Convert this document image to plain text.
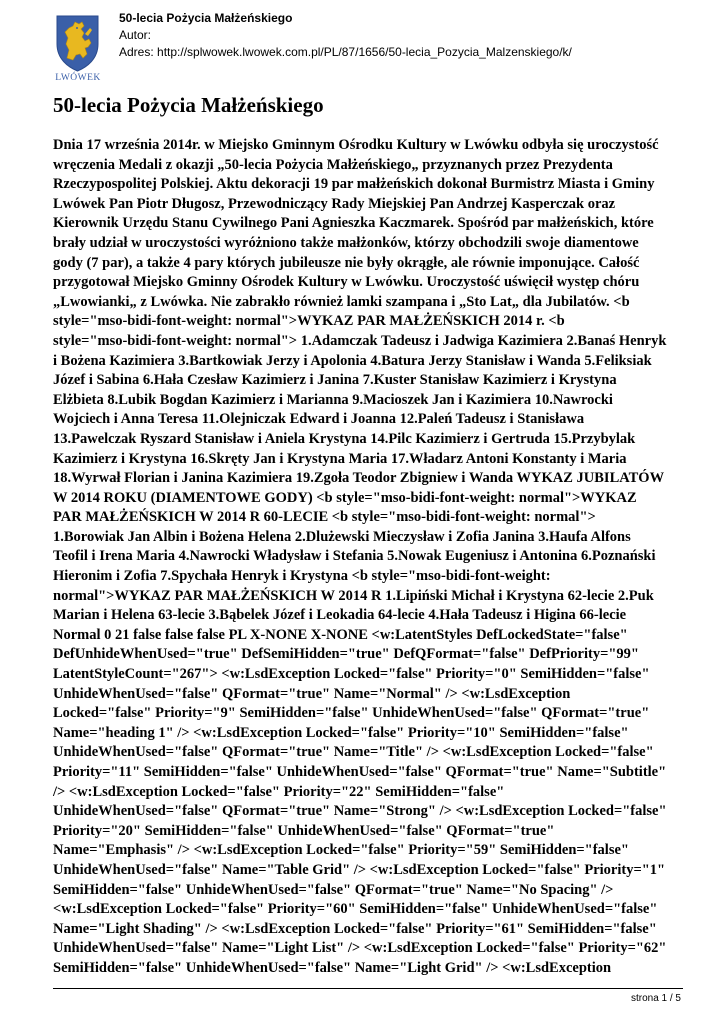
LWÓWEK
50-lecia Pożycia Małżeńskiego
Autor:
Adres: http://splwowek.lwowek.com.pl/PL/87/1656/50-lecia_Pozycia_Malzenskiego/k/
50-lecia Pożycia Małżeńskiego
Dnia 17 września 2014r. w Miejsko Gminnym Ośrodku Kultury w Lwówku odbyła się uroczystość
wręczenia Medali z okazji „50-lecia Pożycia Małżeńskiego„ przyznanych przez Prezydenta
Rzeczypospolitej Polskiej. Aktu dekoracji 19 par małżeńskich dokonał Burmistrz Miasta i Gminy
Lwówek Pan Piotr Długosz, Przewodniczący Rady Miejskiej Pan Andrzej Kasperczak oraz
Kierownik Urzędu Stanu Cywilnego Pani Agnieszka Kaczmarek. Spośród par małżeńskich, które
brały udział w uroczystości wyróżniono także małżonków, którzy obchodzili swoje diamentowe
gody (7 par), a także 4 pary których jubileusze nie były okrągłe, ale równie imponujące. Całość
przygotował Miejsko Gminny Ośrodek Kultury w Lwówku. Uroczystość uświęcił występ chóru
„Lwowianki„ z Lwówka. Nie zabrakło również lamki szampana i „Sto Lat„ dla Jubilatów. <b
style="mso-bidi-font-weight: normal">WYKAZ PAR MAŁŻEŃSKICH 2014 r. <b
style="mso-bidi-font-weight: normal"> 1.Adamczak Tadeusz i Jadwiga Kazimiera 2.Banaś Henryk
i Bożena Kazimiera 3.Bartkowiak Jerzy i Apolonia 4.Batura Jerzy Stanisław i Wanda 5.Feliksiak
Józef i Sabina 6.Hała Czesław Kazimierz i Janina 7.Kuster Stanisław Kazimierz i Krystyna
Elżbieta 8.Lubik Bogdan Kazimierz i Marianna 9.Macioszek Jan i Kazimiera 10.Nawrocki
Wojciech i Anna Teresa 11.Olejniczak Edward i Joanna 12.Paleń Tadeusz i Stanisława
13.Pawelczak Ryszard Stanisław i Aniela Krystyna 14.Pilc Kazimierz i Gertruda 15.Przybylak
Kazimierz i Krystyna 16.Skręty Jan i Krystyna Maria 17.Władarz Antoni Konstanty i Maria
18.Wyrwał Florian i Janina Kazimiera 19.Zgoła Teodor Zbigniew i Wanda WYKAZ JUBILATÓW
W 2014 ROKU (DIAMENTOWE GODY) <b style="mso-bidi-font-weight: normal">WYKAZ
PAR MAŁŻEŃSKICH W 2014 R 60-LECIE <b style="mso-bidi-font-weight: normal">
1.Borowiak Jan Albin i Bożena Helena 2.Dlużewski Mieczysław i Zofia Janina 3.Haufa Alfons
Teofil i Irena Maria 4.Nawrocki Władysław i Stefania 5.Nowak Eugeniusz i Antonina 6.Poznański
Hieronim i Zofia 7.Spychała Henryk i Krystyna <b style="mso-bidi-font-weight:
normal">WYKAZ PAR MAŁŻEŃSKICH W 2014 R 1.Lipiński Michał i Krystyna 62-lecie 2.Puk
Marian i Helena 63-lecie 3.Bąbelek Józef i Leokadia 64-lecie 4.Hała Tadeusz i Higina 66-lecie
Normal 0 21 false false false PL X-NONE X-NONE <w:LatentStyles DefLockedState="false"
DefUnhideWhenUsed="true" DefSemiHidden="true" DefQFormat="false" DefPriority="99"
LatentStyleCount="267"> <w:LsdException Locked="false" Priority="0" SemiHidden="false"
UnhideWhenUsed="false" QFormat="true" Name="Normal" /> <w:LsdException
Locked="false" Priority="9" SemiHidden="false" UnhideWhenUsed="false" QFormat="true"
Name="heading 1" /> <w:LsdException Locked="false" Priority="10" SemiHidden="false"
UnhideWhenUsed="false" QFormat="true" Name="Title" /> <w:LsdException Locked="false"
Priority="11" SemiHidden="false" UnhideWhenUsed="false" QFormat="true" Name="Subtitle"
/> <w:LsdException Locked="false" Priority="22" SemiHidden="false"
UnhideWhenUsed="false" QFormat="true" Name="Strong" /> <w:LsdException Locked="false"
Priority="20" SemiHidden="false" UnhideWhenUsed="false" QFormat="true"
Name="Emphasis" /> <w:LsdException Locked="false" Priority="59" SemiHidden="false"
UnhideWhenUsed="false" Name="Table Grid" /> <w:LsdException Locked="false" Priority="1"
SemiHidden="false" UnhideWhenUsed="false" QFormat="true" Name="No Spacing" />
<w:LsdException Locked="false" Priority="60" SemiHidden="false" UnhideWhenUsed="false"
Name="Light Shading" /> <w:LsdException Locked="false" Priority="61" SemiHidden="false"
UnhideWhenUsed="false" Name="Light List" /> <w:LsdException Locked="false" Priority="62"
SemiHidden="false" UnhideWhenUsed="false" Name="Light Grid" /> <w:LsdException
strona 1 / 5
